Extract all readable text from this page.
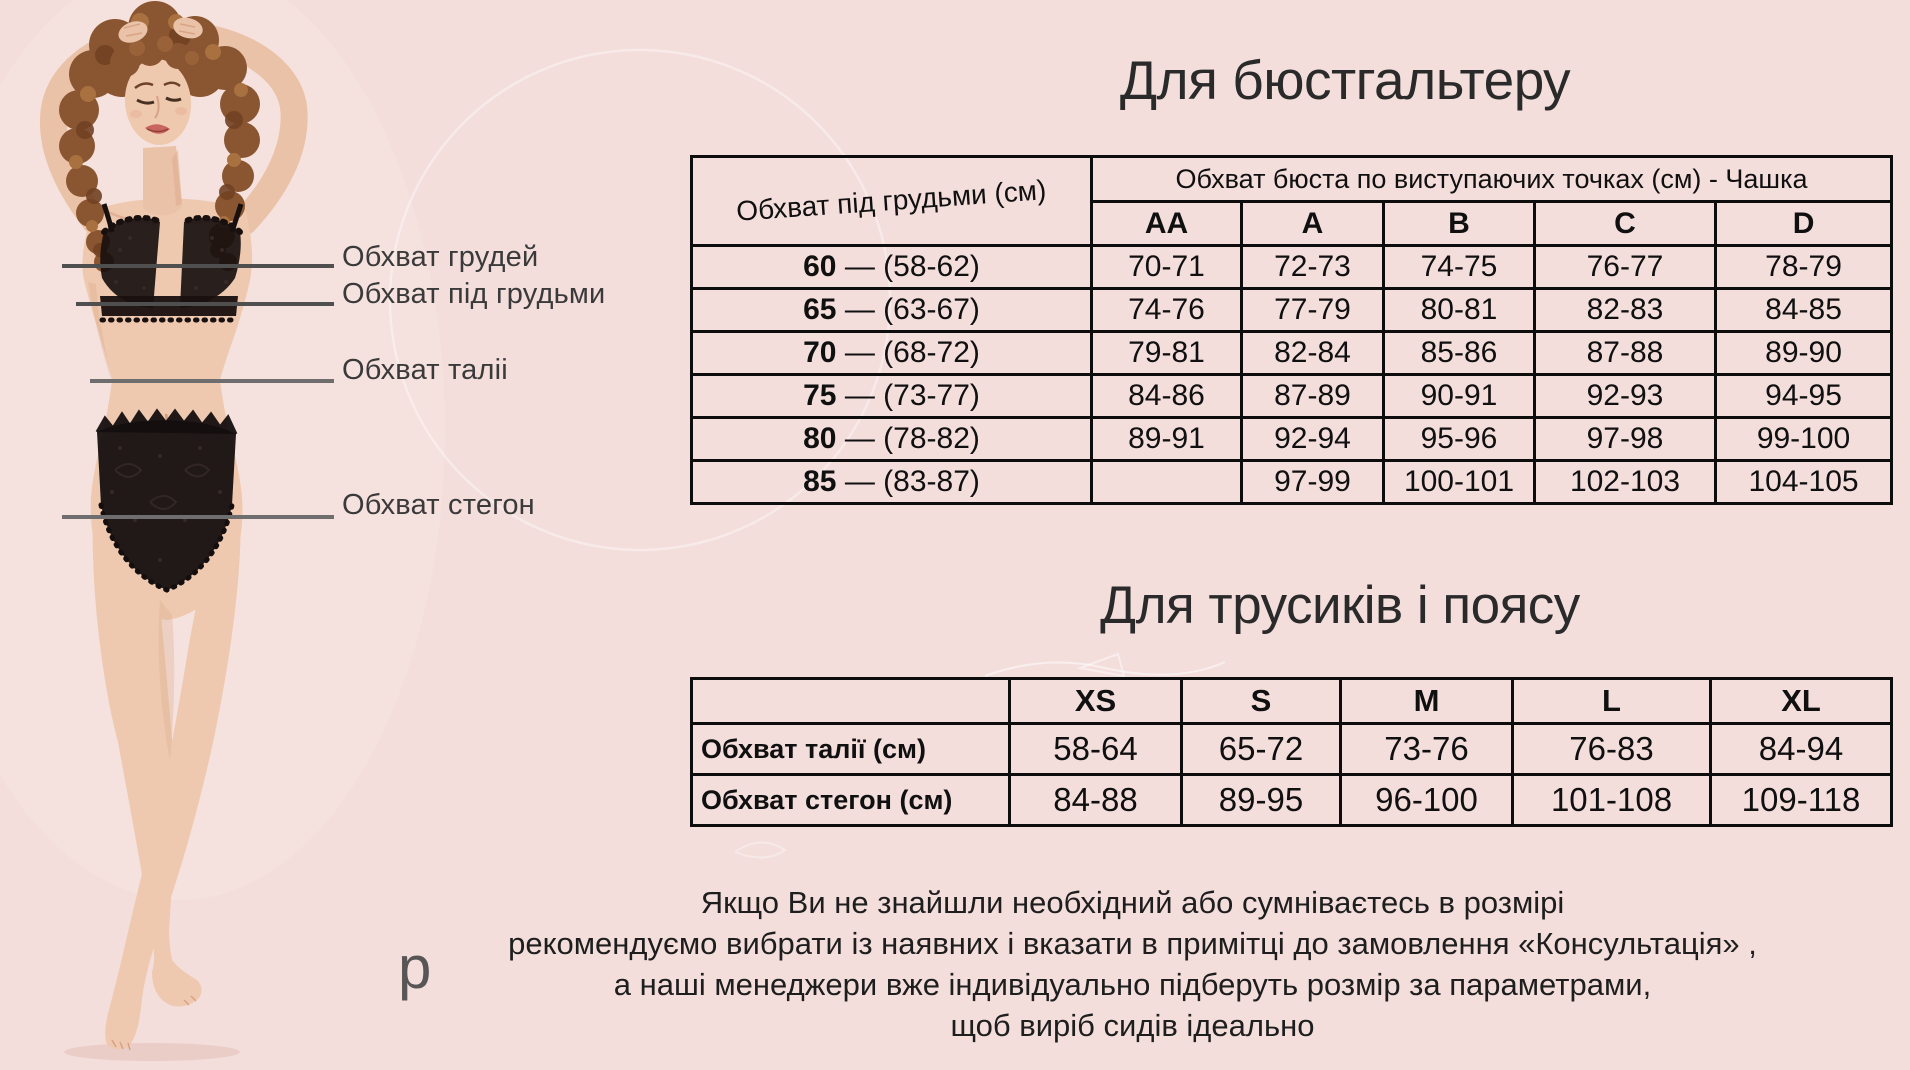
p
Обхват грудей
Обхват під грудьми
Обхват таліі
Обхват стегон
Для бюстгальтеру
Обхват під грудьми (см)	Обхват бюста по виступаючих точках (см) - Чашка				
	AA	A	B	C	D
60 — (58-62)	70-71	72-73	74-75	76-77	78-79
65 — (63-67)	74-76	77-79	80-81	82-83	84-85
70 — (68-72)	79-81	82-84	85-86	87-88	89-90
75 — (73-77)	84-86	87-89	90-91	92-93	94-95
80 — (78-82)	89-91	92-94	95-96	97-98	99-100
85 — (83-87)		97-99	100-101	102-103	104-105
Для трусиків і поясу
	XS	S	M	L	XL
Обхват талії (см)	58-64	65-72	73-76	76-83	84-94
Обхват стегон (см)	84-88	89-95	96-100	101-108	109-118
Якщо Ви не знайшли необхідний або сумніваєтесь в розмірі
рекомендуємо вибрати із наявних і вказати в примітці до замовлення «Консультація» ,
а наші менеджери вже індивідуально підберуть розмір за параметрами,
щоб виріб сидів ідеально
